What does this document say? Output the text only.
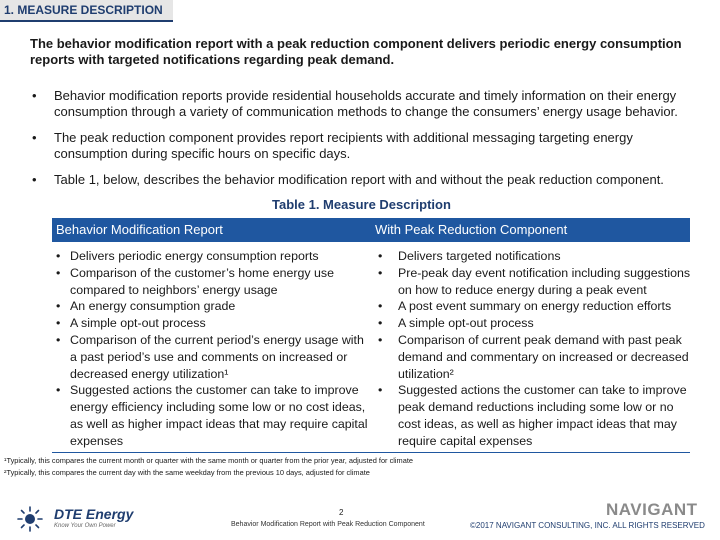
1. MEASURE DESCRIPTION
The behavior modification report with a peak reduction component delivers periodic energy consumption reports with targeted notifications regarding peak demand.
• Behavior modification reports provide residential households accurate and timely information on their energy consumption through a variety of communication methods to change the consumers’ energy usage behavior.
• The peak reduction component provides report recipients with additional messaging targeting energy consumption during specific hours on specific days.
• Table 1, below, describes the behavior modification report with and without the peak reduction component.
Table 1. Measure Description
Behavior Modification Report	With Peak Reduction Component
• Delivers periodic energy consumption reports
• Comparison of the customer’s home energy use compared to neighbors’ energy usage
• An energy consumption grade
• A simple opt-out process
• Comparison of the current period’s energy usage with a past period’s use and comments on increased or decreased energy utilization¹
• Suggested actions the customer can take to improve energy efficiency including some low or no cost ideas, as well as higher impact ideas that may require capital expenses
• Delivers targeted notifications
• Pre-peak day event notification including suggestions on how to reduce energy during a peak event
• A post event summary on energy reduction efforts
• A simple opt-out process
• Comparison of current peak demand with past peak demand and commentary on increased or decreased utilization²
• Suggested actions the customer can take to improve peak demand reductions including some low or no cost ideas, as well as higher impact ideas that may require capital expenses
¹Typically, this compares the current month or quarter with the same month or quarter from the prior year, adjusted for climate
²Typically, this compares the current day with the same weekday from the previous 10 days, adjusted for climate
DTE Energy
Know Your Own Power
2
Behavior Modification Report with Peak Reduction Component
NAVIGANT
©2017 NAVIGANT CONSULTING, INC. ALL RIGHTS RESERVED
